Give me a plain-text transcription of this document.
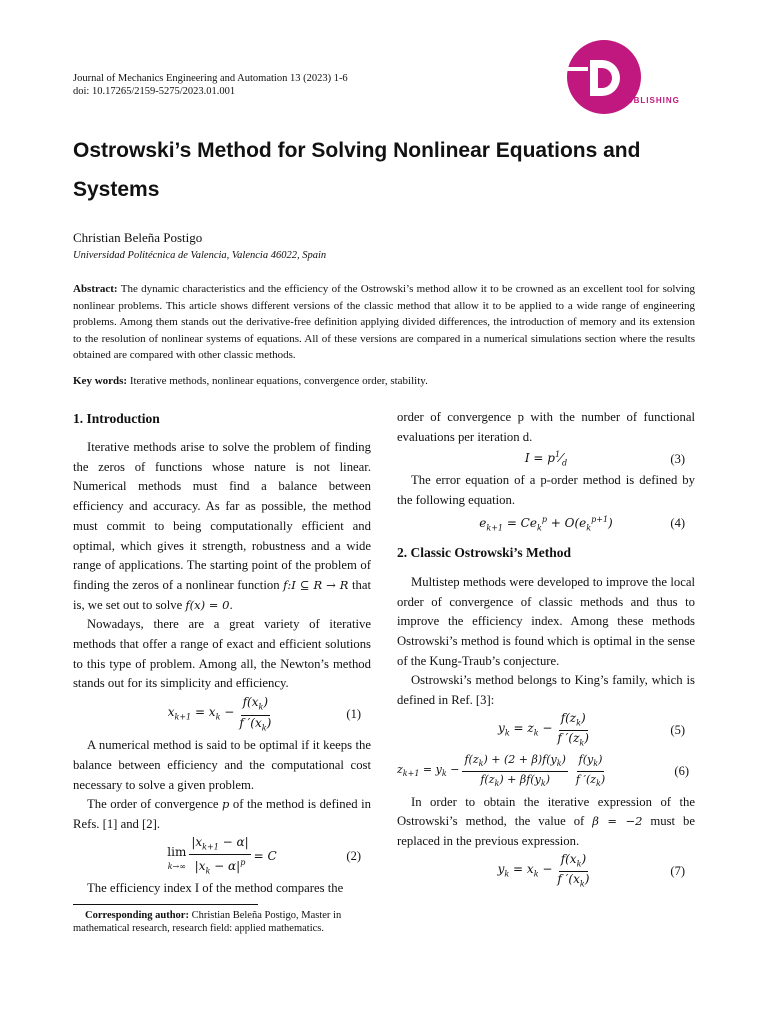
Journal of Mechanics Engineering and Automation 13 (2023) 1-6
doi: 10.17265/2159-5275/2023.01.001
DAVID PUBLISHING
Ostrowski’s Method for Solving Nonlinear Equations and Systems
Christian Beleña Postigo
Universidad Politécnica de Valencia, Valencia 46022, Spain

Abstract: The dynamic characteristics and the efficiency of the Ostrowski’s method allow it to be crowned as an excellent tool for solving nonlinear problems. This article shows different versions of the classic method that allow it to be applied to a wide range of engineering problems. Among them stands out the derivative-free definition applying divided differences, the introduction of memory and its extension to the resolution of nonlinear systems of equations. All of these versions are compared in a numerical simulations section where the results obtained are compared with other classic methods.

Key words: Iterative methods, nonlinear equations, convergence order, stability.
1. Introduction

Iterative methods arise to solve the problem of finding the zeros of functions whose nature is not linear. Numerical methods must find a balance between efficiency and accuracy. As far as possible, the method must commit to being computationally efficient and optimal, which gives it strength, robustness and a wide range of applications. The starting point of the problem of finding the zeros of a nonlinear function f:I ⊆ R → R that is, we set out to solve f(x) = 0.

Nowadays, there are a great variety of iterative methods that offer a range of exact and efficient solutions to this type of problem. Among all, the Newton’s method stands out for its simplicity and efficiency.

$x_{k+1} = x_k - \frac{f(x_k)}{f '(x_k)}$	(1)

A numerical method is said to be optimal if it keeps the balance between efficiency and the computational cost necessary to solve a given problem.

The order of convergence p of the method is defined in Refs. [1] and [2].

lim
$k\to\infty \frac{|x_{k+1} - \alpha|}{|x_k - \alpha|^p} = C$	(2)

The efficiency index I of the method compares the

order of convergence p with the number of functional evaluations per iteration d.

$I = p^1⁄_d$	(3)

The error equation of a p-order method is defined by the following equation.

$e_{k+1} = Ce_k^p + O(e_k^{p+1})$	(4)
2. Classic Ostrowski’s Method

Multistep methods were developed to improve the local order of convergence of classic methods and thus to improve the efficiency index. Among these methods Ostrowski’s method is found which is optimal in the sense of the Kung-Traub’s conjecture.

Ostrowski’s method belongs to King’s family, which is defined in Ref. [3]:

$y_k = z_k - \frac{f(z_k)}{f '(z_k)}$	(5)
$z_{k+1} = y_k - \frac{f(z_k) + (2 + \beta)f(y_k)}{f(z_k) + \beta f(y_k)} \frac{f(y_k)}{f '(z_k)}$	(6)

In order to obtain the iterative expression of the Ostrowski’s method, the value of β = −2 must be replaced in the previous expression.

$y_k = x_k - \frac{f(x_k)}{f '(x_k)}$	(7)
Corresponding author: Christian Beleña Postigo, Master in mathematical research, research field: applied mathematics.
